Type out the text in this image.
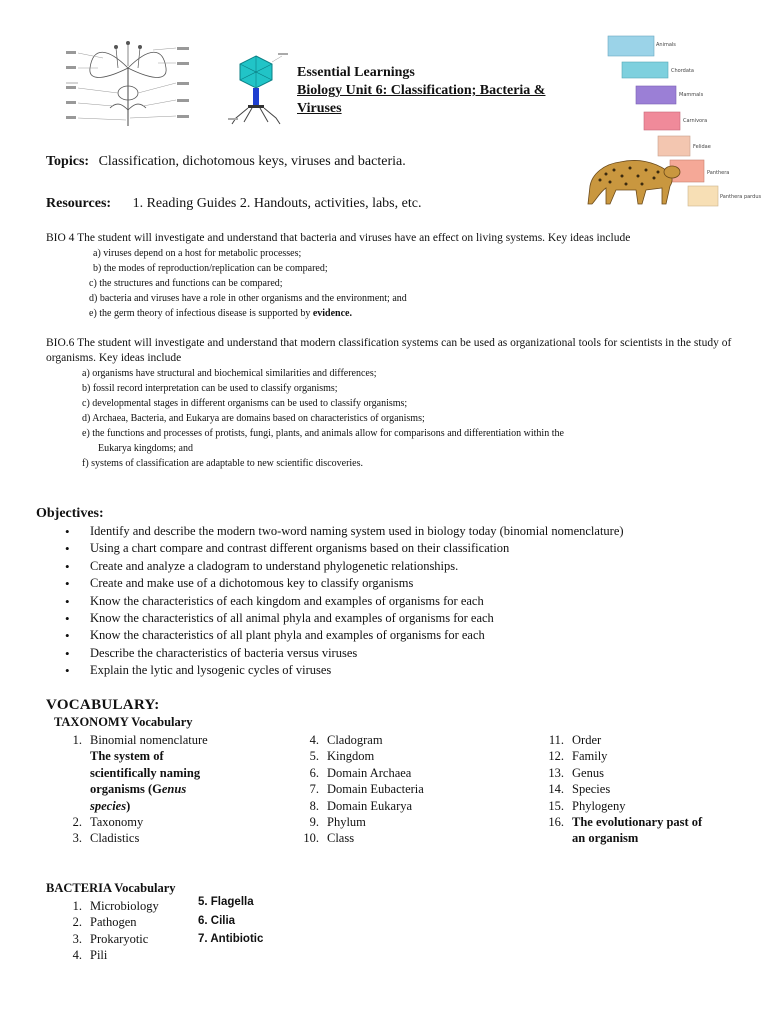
Animals
Chordata
Mammals
Carnivora
Felidae
Panthera
Panthera pardus
Essential Learnings
Biology Unit 6: Classification; Bacteria &
Viruses
Topics: Classification, dichotomous keys, viruses and bacteria.
Resources: 1. Reading Guides 2. Handouts, activities, labs, etc.
BIO 4 The student will investigate and understand that bacteria and viruses have an effect on living systems. Key ideas include
a) viruses depend on a host for metabolic processes;
b) the modes of reproduction/replication can be compared;
c) the structures and functions can be compared;
d) bacteria and viruses have a role in other organisms and the environment; and
e) the germ theory of infectious disease is supported by evidence.
BIO.6 The student will investigate and understand that modern classification systems can be used as organizational tools for scientists in the study of organisms. Key ideas include
a) organisms have structural and biochemical similarities and differences;
b) fossil record interpretation can be used to classify organisms;
c) developmental stages in different organisms can be used to classify organisms;
d) Archaea, Bacteria, and Eukarya are domains based on characteristics of organisms;
e) the functions and processes of protists, fungi, plants, and animals allow for comparisons and differentiation within the
Eukarya kingdoms; and
f) systems of classification are adaptable to new scientific discoveries.
Objectives:
• Identify and describe the modern two-word naming system used in biology today (binomial nomenclature)
• Using a chart compare and contrast different organisms based on their classification
• Create and analyze a cladogram to understand phylogenetic relationships.
• Create and make use of a dichotomous key to classify organisms
• Know the characteristics of each kingdom and examples of organisms for each
• Know the characteristics of all animal phyla and examples of organisms for each
• Know the characteristics of all plant phyla and examples of organisms for each
• Describe the characteristics of bacteria versus viruses
• Explain the lytic and lysogenic cycles of viruses
VOCABULARY:
TAXONOMY Vocabulary
1. Binomial nomenclature
The system of
scientifically naming
organisms (Genus
species)
2. Taxonomy
3. Cladistics
4. Cladogram
5. Kingdom
6. Domain Archaea
7. Domain Eubacteria
8. Domain Eukarya
9. Phylum
10. Class
11. Order
12. Family
13. Genus
14. Species
15. Phylogeny
16. The evolutionary past of
an organism
BACTERIA Vocabulary
1. Microbiology
2. Pathogen
3. Prokaryotic
4. Pili
5. Flagella
6. Cilia
7. Antibiotic
